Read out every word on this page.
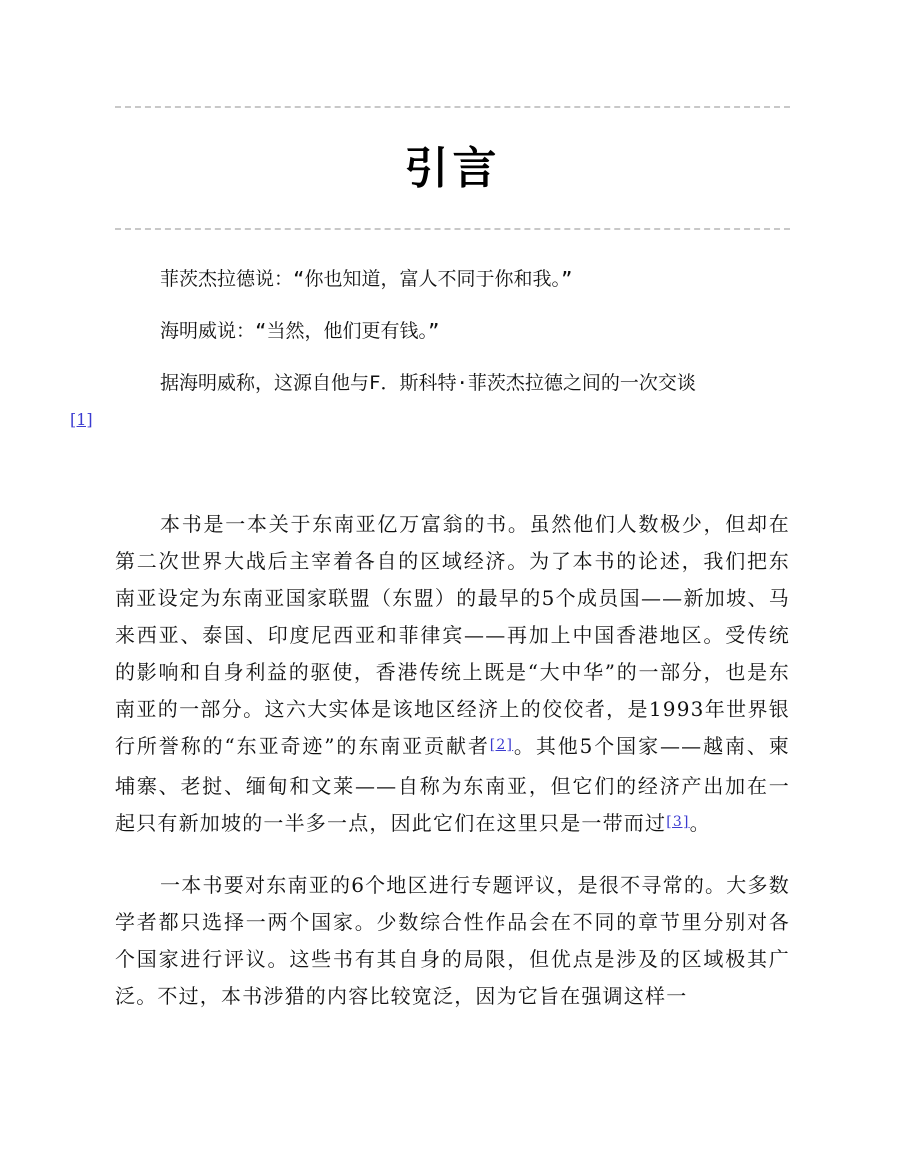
引言

菲茨杰拉德说：“你也知道，富人不同于你和我。”

海明威说：“当然，他们更有钱。”

据海明威称，这源自他与F．斯科特·菲茨杰拉德之间的一次交谈
[1]

本书是一本关于东南亚亿万富翁的书。虽然他们人数极少，但却在第二次世界大战后主宰着各自的区域经济。为了本书的论述，我们把东南亚设定为东南亚国家联盟（东盟）的最早的5个成员国——新加坡、马来西亚、泰国、印度尼西亚和菲律宾——再加上中国香港地区。受传统的影响和自身利益的驱使，香港传统上既是“大中华”的一部分，也是东南亚的一部分。这六大实体是该地区经济上的佼佼者，是1993年世界银行所誉称的“东亚奇迹”的东南亚贡献者[2]。其他5个国家——越南、柬埔寨、老挝、缅甸和文莱——自称为东南亚，但它们的经济产出加在一起只有新加坡的一半多一点，因此它们在这里只是一带而过[3]。

一本书要对东南亚的6个地区进行专题评议，是很不寻常的。大多数学者都只选择一两个国家。少数综合性作品会在不同的章节里分别对各个国家进行评议。这些书有其自身的局限，但优点是涉及的区域极其广泛。不过，本书涉猎的内容比较宽泛，因为它旨在强调这样一
